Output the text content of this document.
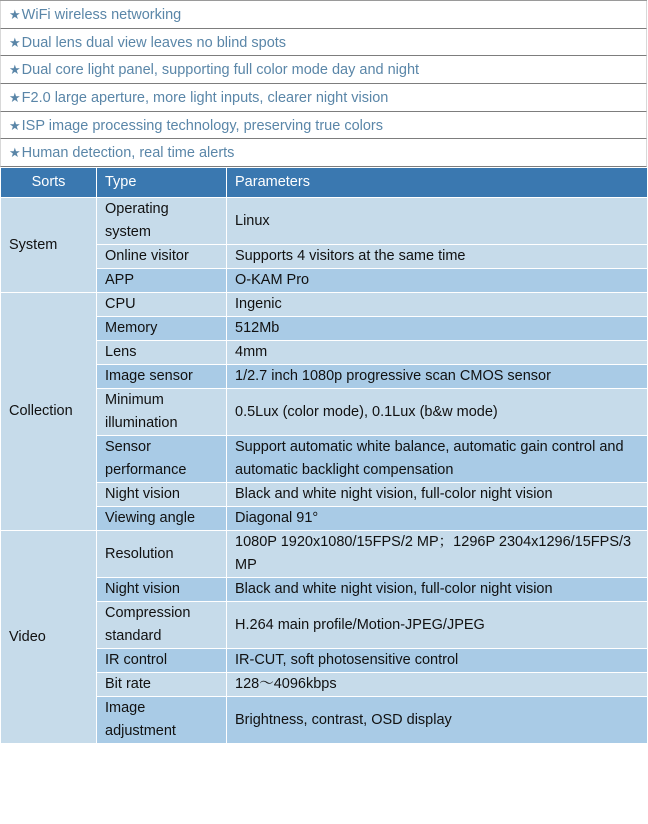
★WiFi wireless networking
★Dual lens dual view leaves no blind spots
★Dual core light panel, supporting full color mode day and night
★F2.0 large aperture, more light inputs, clearer night vision
★ISP image processing technology, preserving true colors
★Human detection, real time alerts
Sorts	Type	Parameters
System	Operating system	Linux
	Online visitor	Supports 4 visitors at the same time
	APP	O-KAM Pro
Collection	CPU	Ingenic
	Memory	512Mb
	Lens	4mm
	Image sensor	1/2.7 inch 1080p progressive scan CMOS sensor
	Minimum illumination	0.5Lux (color mode), 0.1Lux (b&w mode)
	Sensor performance	Support automatic white balance, automatic gain control and automatic backlight compensation
	Night vision	Black and white night vision, full-color night vision
	Viewing angle	Diagonal 91°
Video	Resolution	1080P 1920x1080/15FPS/2 MP；1296P 2304x1296/15FPS/3 MP
	Night vision	Black and white night vision, full-color night vision
	Compression standard	H.264 main profile/Motion-JPEG/JPEG
	IR control	IR-CUT, soft photosensitive control
	Bit rate	128～4096kbps
	Image adjustment	Brightness, contrast, OSD display
